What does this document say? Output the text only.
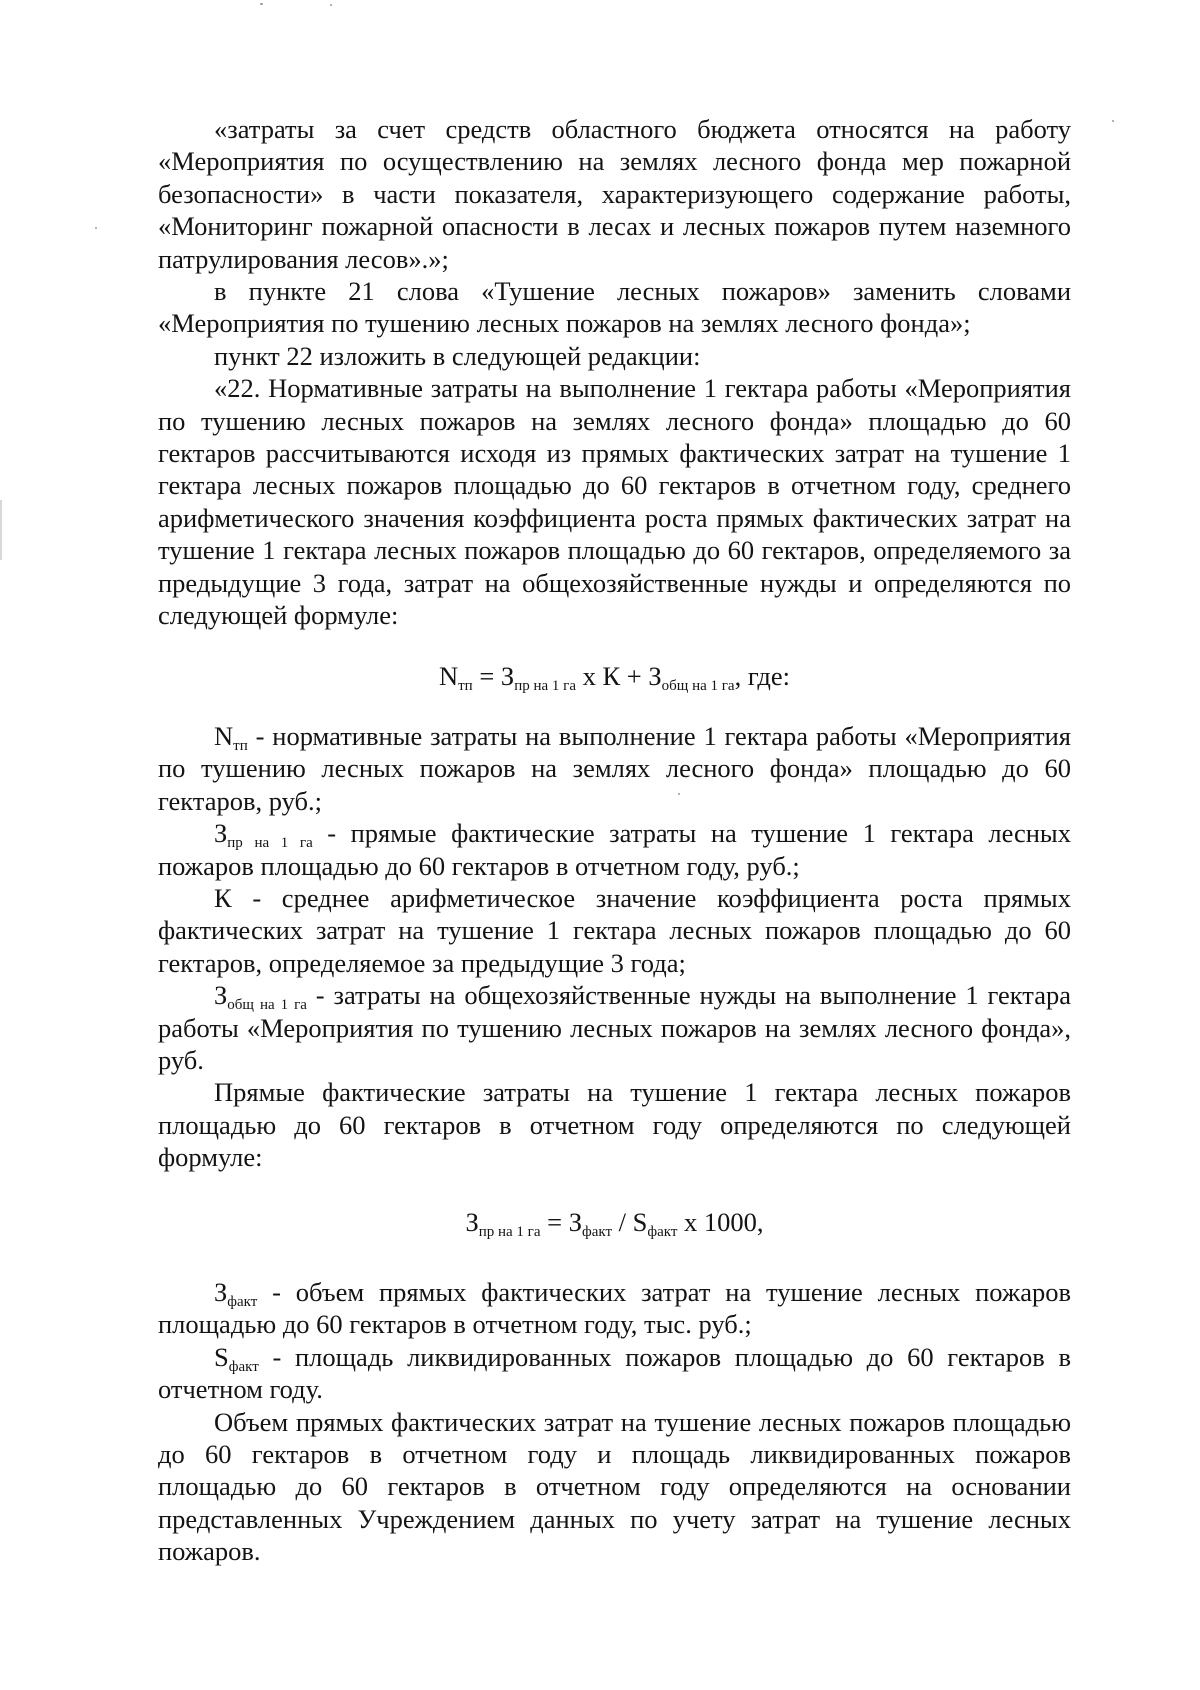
«затраты за счет средств областного бюджета относятся на работу «Мероприятия по осуществлению на землях лесного фонда мер пожарной безопасности» в части показателя, характеризующего содержание работы, «Мониторинг пожарной опасности в лесах и лесных пожаров путем наземного патрулирования лесов».»;

в пункте 21 слова «Тушение лесных пожаров» заменить словами «Мероприятия по тушению лесных пожаров на землях лесного фонда»;

пункт 22 изложить в следующей редакции:

«22. Нормативные затраты на выполнение 1 гектара работы «Мероприятия по тушению лесных пожаров на землях лесного фонда» площадью до 60 гектаров рассчитываются исходя из прямых фактических затрат на тушение 1 гектара лесных пожаров площадью до 60 гектаров в отчетном году, среднего арифметического значения коэффициента роста прямых фактических затрат на тушение 1 гектара лесных пожаров площадью до 60 гектаров, определяемого за предыдущие 3 года, затрат на общехозяйственные нужды и определяются по следующей формуле:

$N_{тп} = З_{пр на 1 га}$ х $К + З_{общ на 1 га}$, где:

$N_{тп}$ - нормативные затраты на выполнение 1 гектара работы «Мероприятия по тушению лесных пожаров на землях лесного фонда» площадью до 60 гектаров, руб.;

$З_{пр на 1 га}$ - прямые фактические затраты на тушение 1 гектара лесных пожаров площадью до 60 гектаров в отчетном году, руб.;

К - среднее арифметическое значение коэффициента роста прямых фактических затрат на тушение 1 гектара лесных пожаров площадью до 60 гектаров, определяемое за предыдущие 3 года;

$З_{общ на 1 га}$ - затраты на общехозяйственные нужды на выполнение 1 гектара работы «Мероприятия по тушению лесных пожаров на землях лесного фонда», руб.

Прямые фактические затраты на тушение 1 гектара лесных пожаров площадью до 60 гектаров в отчетном году определяются по следующей формуле:

$З_{пр на 1 га} = З_{факт} / S_{факт}$ х 1000,

$З_{факт}$ - объем прямых фактических затрат на тушение лесных пожаров площадью до 60 гектаров в отчетном году, тыс. руб.;

$S_{факт}$ - площадь ликвидированных пожаров площадью до 60 гектаров в отчетном году.

Объем прямых фактических затрат на тушение лесных пожаров площадью до 60 гектаров в отчетном году и площадь ликвидированных пожаров площадью до 60 гектаров в отчетном году определяются на основании представленных Учреждением данных по учету затрат на тушение лесных пожаров.
